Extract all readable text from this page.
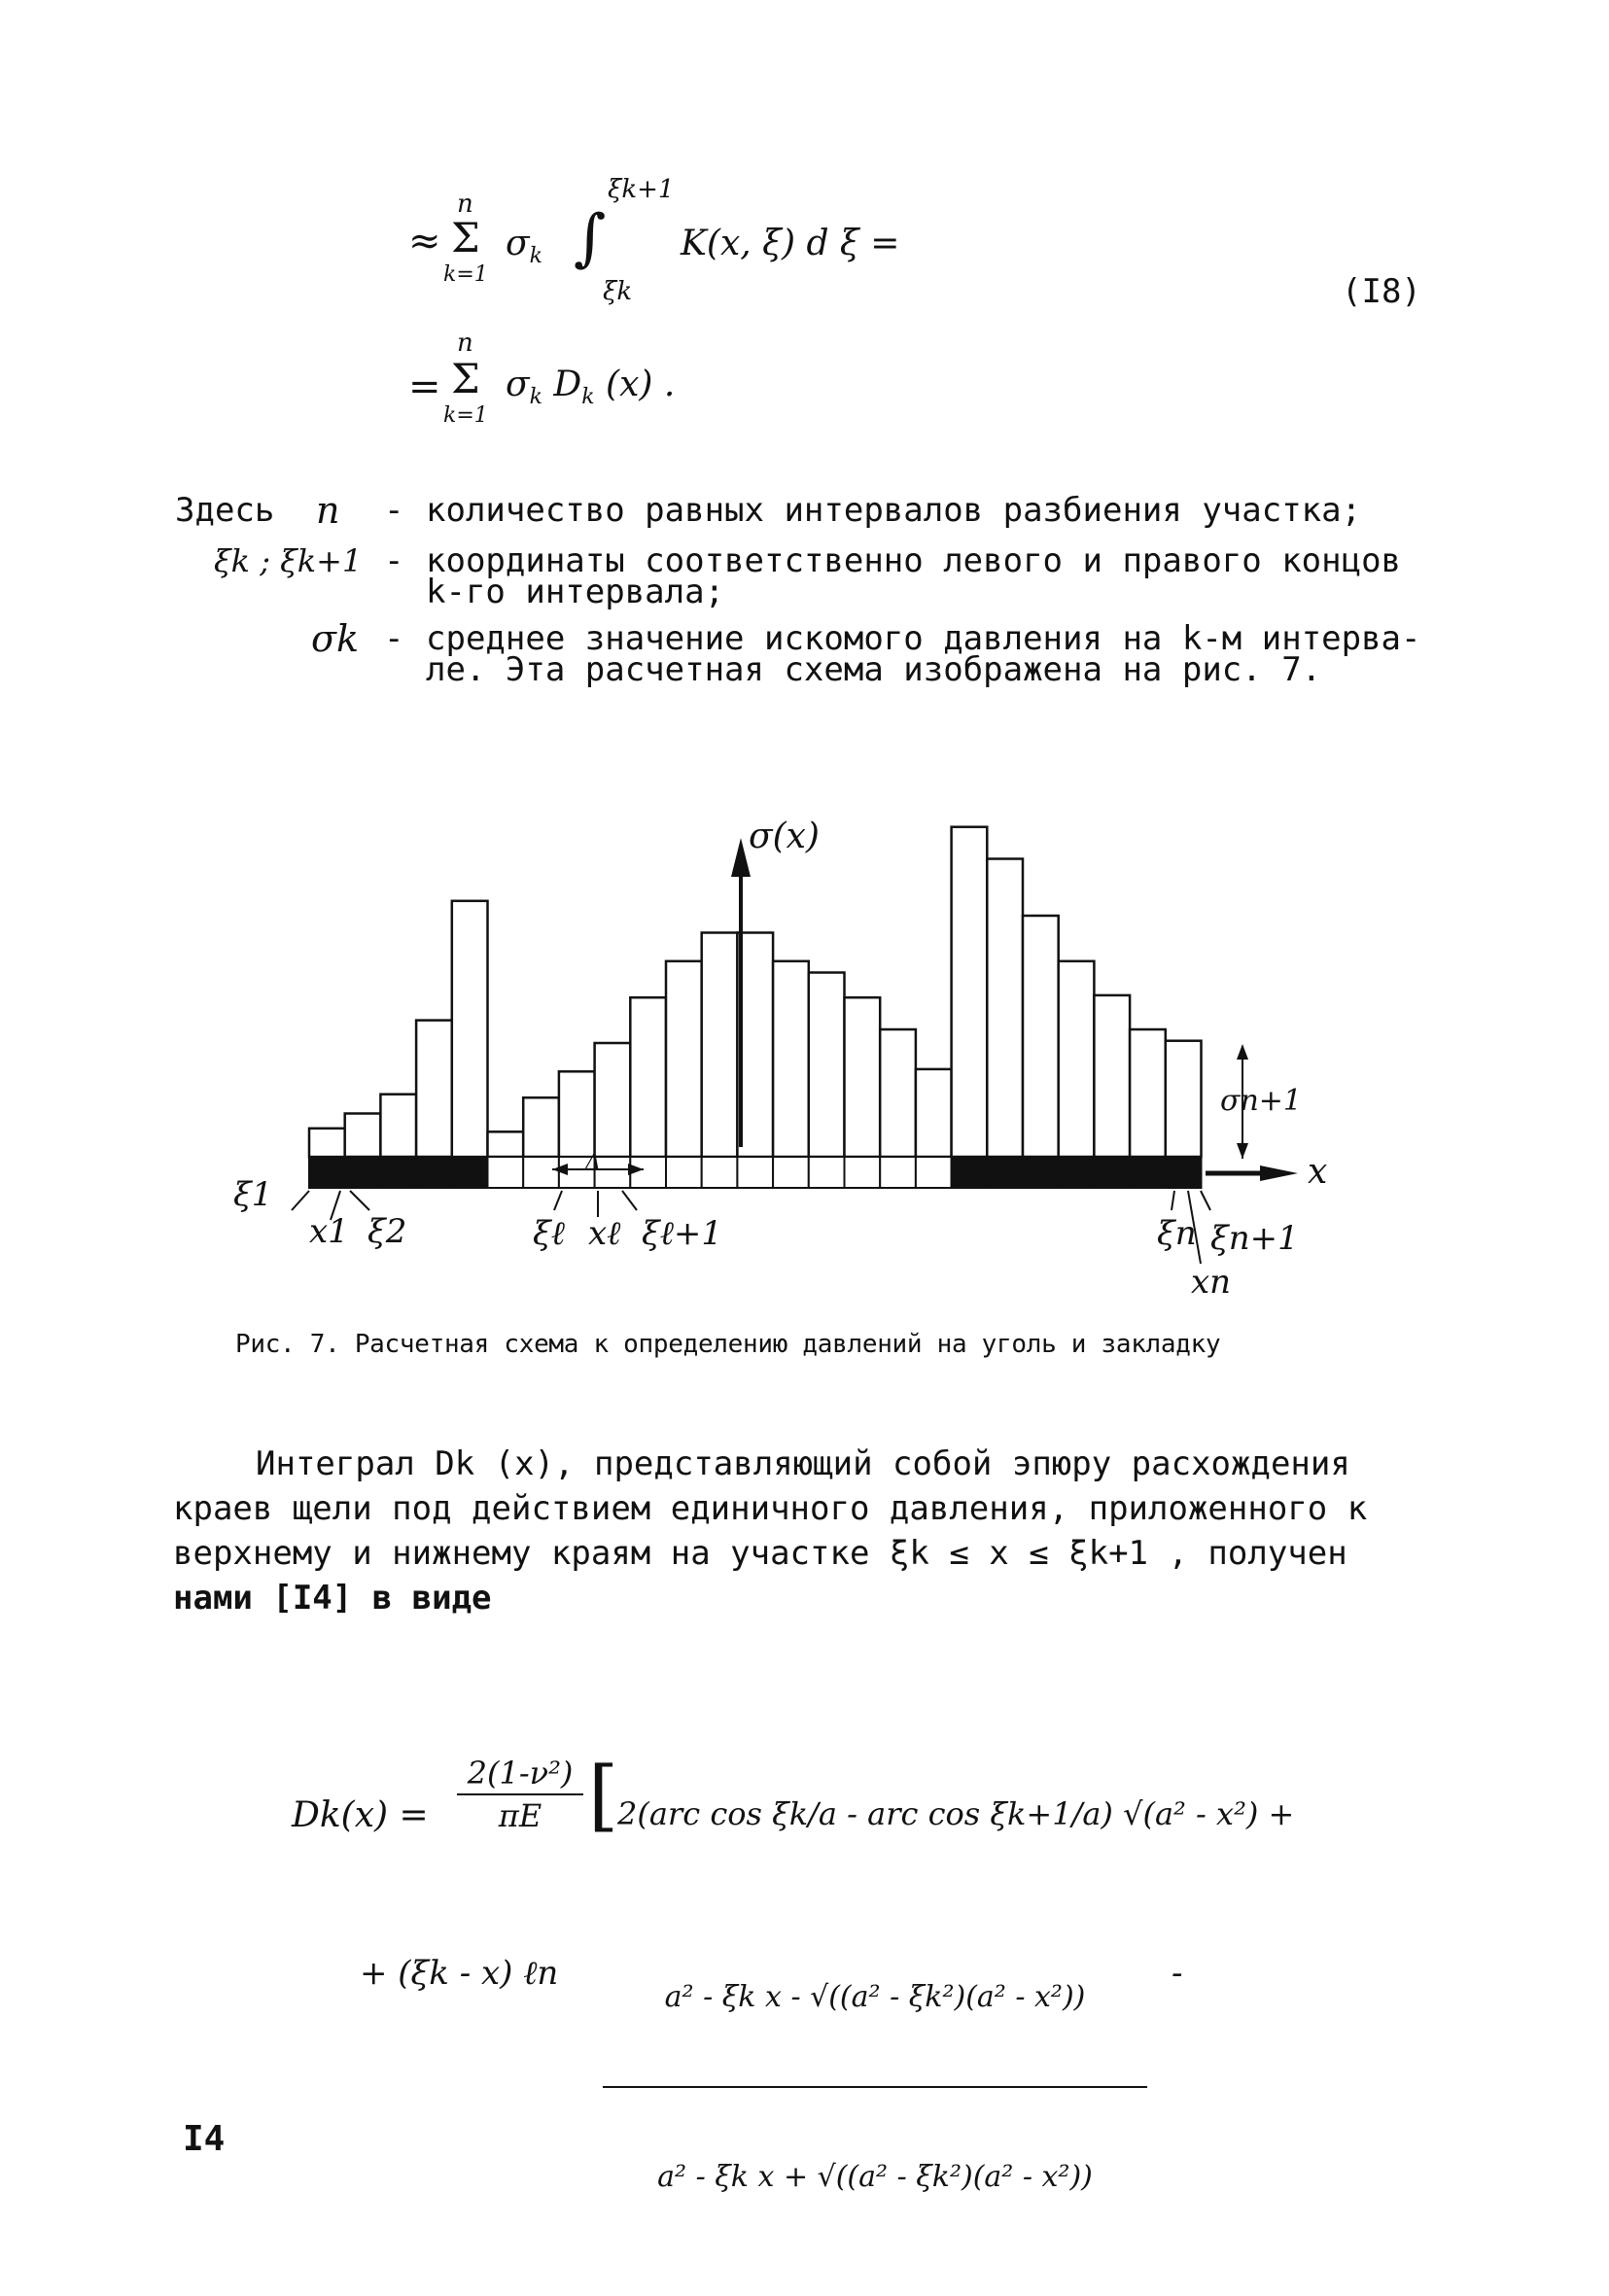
≈
n
Σ
k=1
$\sigma_k$ ∫
ξk+1
ξk
K(x, ξ) d ξ =
=
n
Σ
k=1
$\sigma_k$ $D_k$ (x) .
(I8)
Здесь n - количество равных интервалов разбиения участка;
ξk ; ξk+1 - координаты соответственно левого и правого концов
k-го интервала;
σk - среднее значение искомого давления на k-м интерва-
ле. Эта расчетная схема изображена на рис. 7.
σ(x)
x
σn+1
Δ
ξ1
x1 ξ2	ξℓ xℓ ξℓ+1	ξn ξn+1
xn
Рис. 7. Расчетная схема к определению давлений на уголь и закладку
Интеграл Dk (x), представляющий собой эпюру расхождения
краев щели под действием единичного давления, приложенного к
верхнему и нижнему краям на участке ξk ≤ x ≤ ξk+1 , получен
нами [I4] в виде
Dk(x) =
2(1-ν²)
πE [
2(arc cos ξk/a - arc cos ξk+1/a) √(a² - x²) +
+ (ξk - x) ℓn

a² - ξk x - √((a² - ξk²)(a² - x²))

a² - ξk x + √((a² - ξk²)(a² - x²))

-
I4
